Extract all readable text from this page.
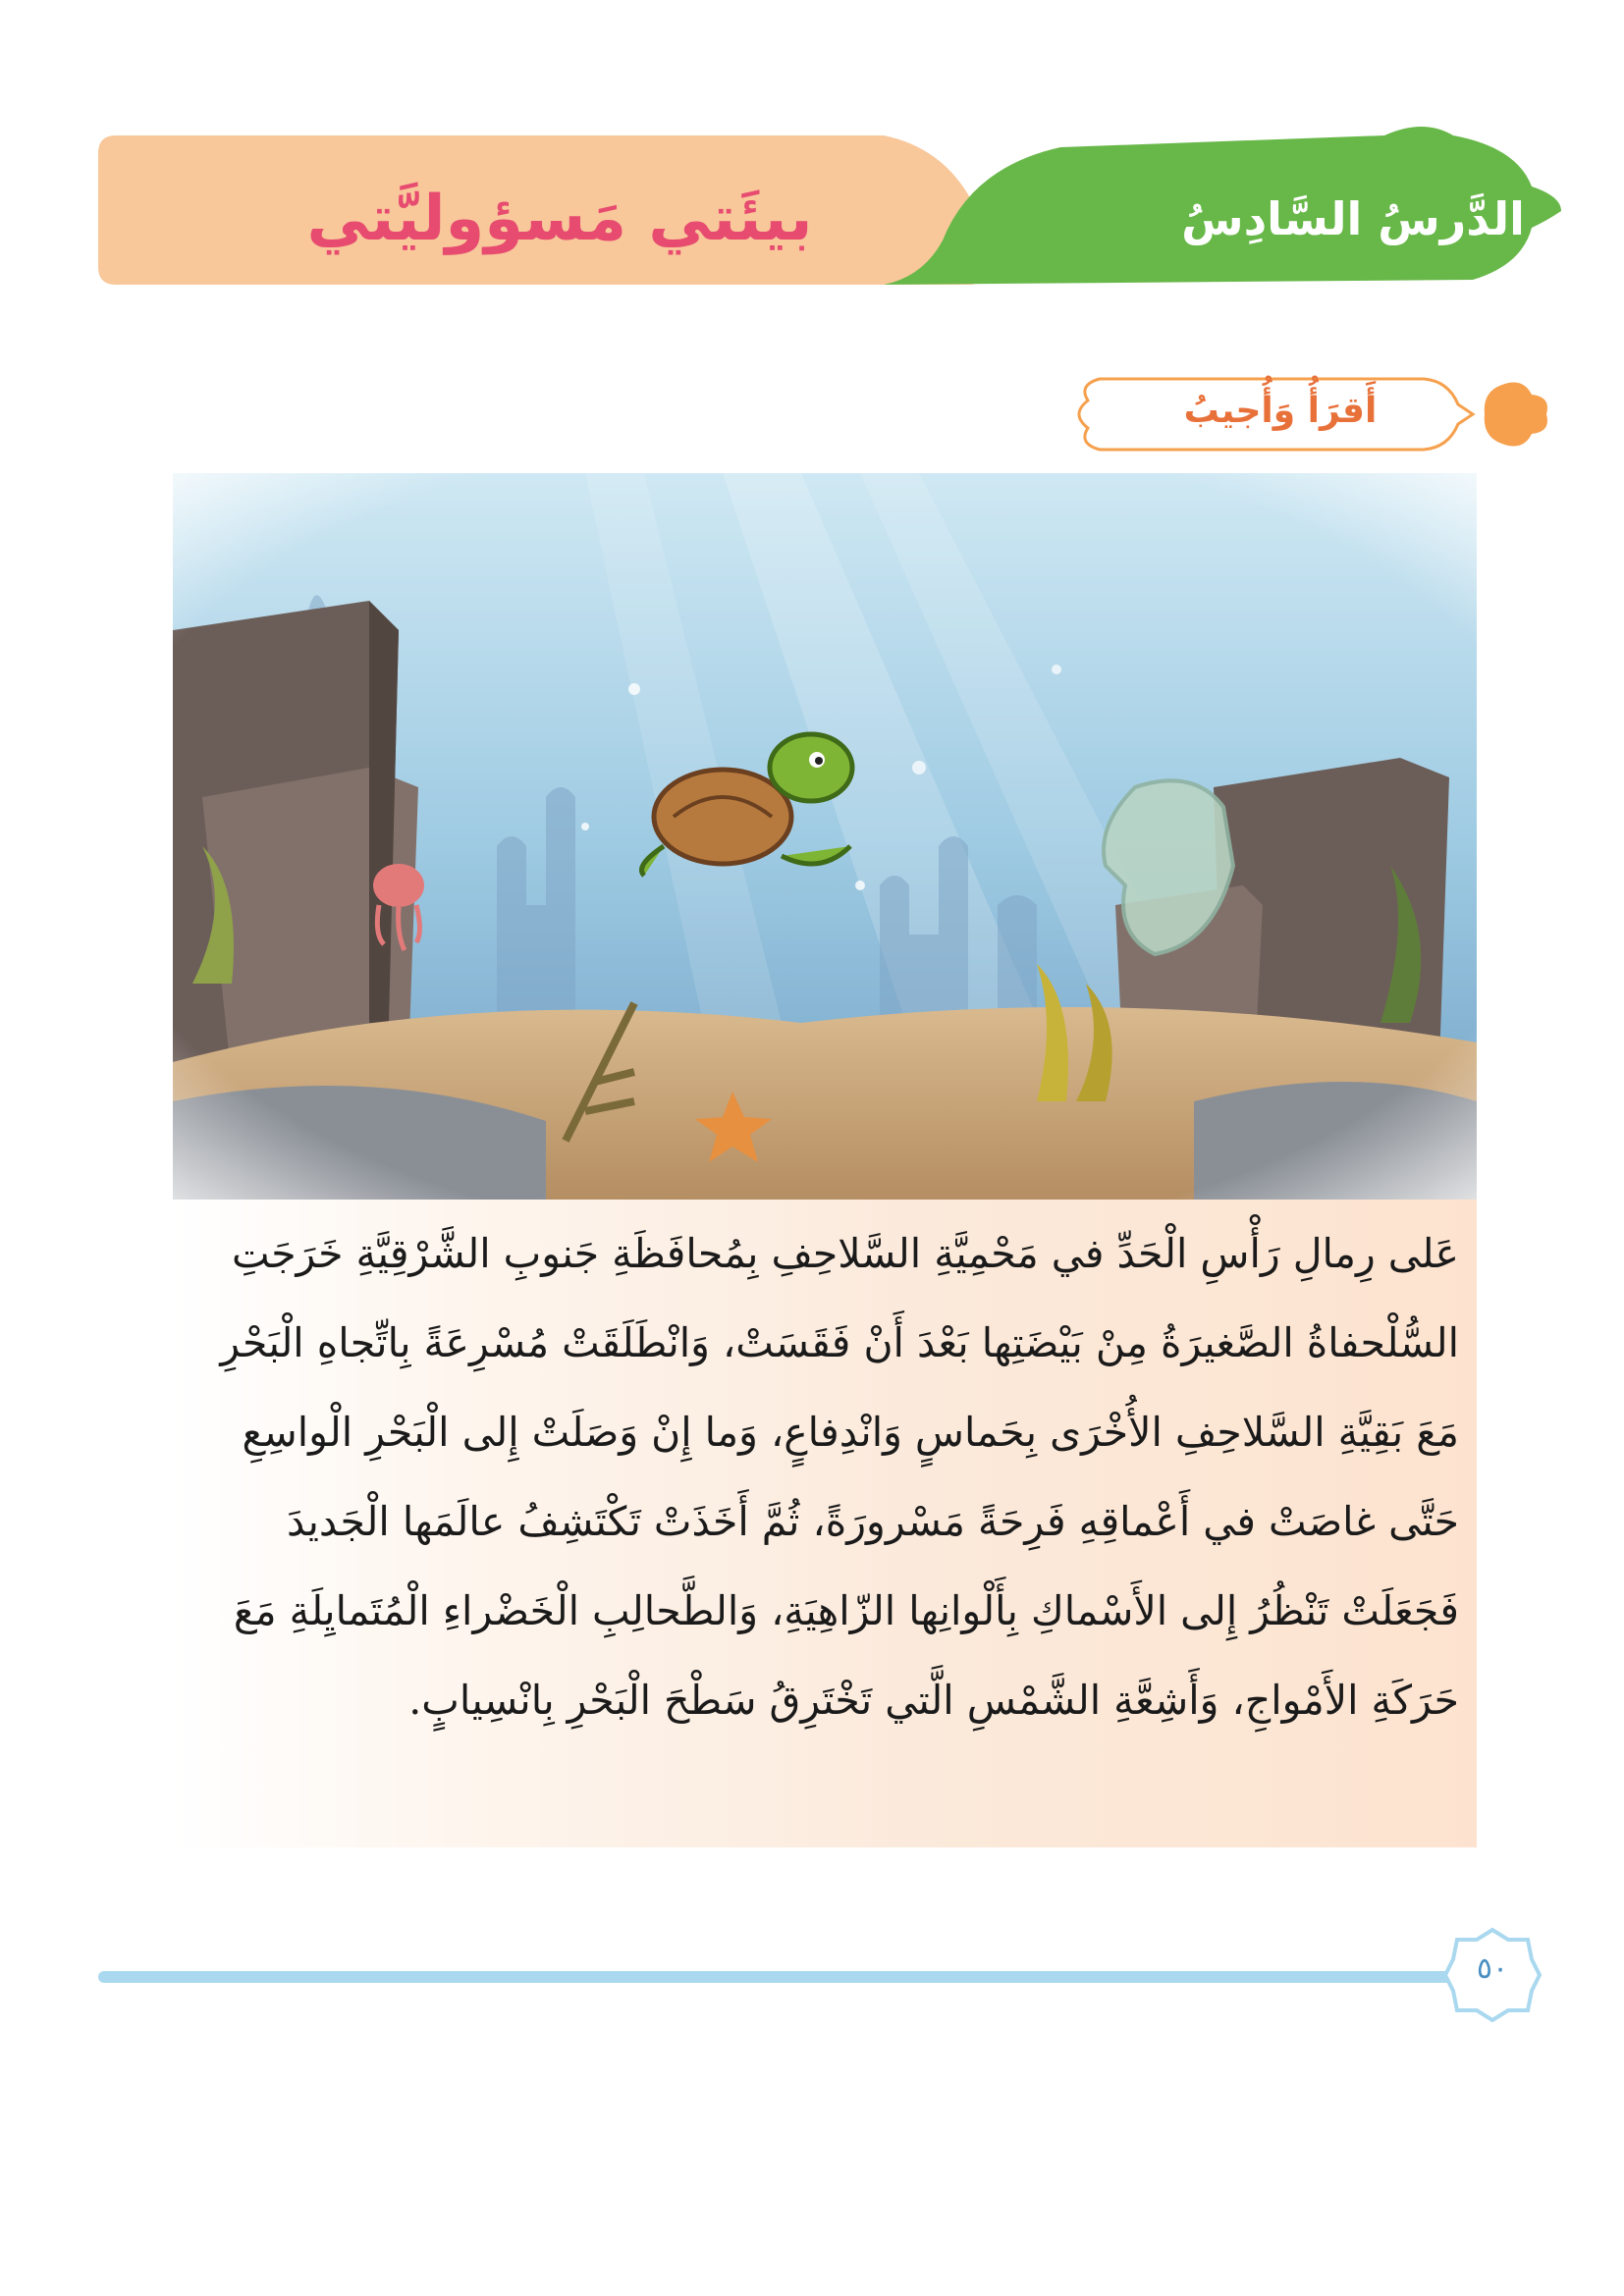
بيئَتي مَسؤوليَّتي	الدَّرسُ السَّادِسُ
أَقرَأُ وَأُجيبُ
عَلى رِمالِ رَأْسِ الْحَدِّ في مَحْمِيَّةِ السَّلاحِفِ بِمُحافَظَةِ جَنوبِ الشَّرْقِيَّةِ خَرَجَتِ
السُّلْحفاةُ الصَّغيرَةُ مِنْ بَيْضَتِها بَعْدَ أَنْ فَقَسَتْ، وَانْطَلَقَتْ مُسْرِعَةً بِاتِّجاهِ الْبَحْرِ
مَعَ بَقِيَّةِ السَّلاحِفِ الأُخْرَى بِحَماسٍ وَانْدِفاعٍ، وَما إِنْ وَصَلَتْ إِلى الْبَحْرِ الْواسِعِ
حَتَّى غاصَتْ في أَعْماقِهِ فَرِحَةً مَسْرورَةً، ثُمَّ أَخَذَتْ تَكْتَشِفُ عالَمَها الْجَديدَ
فَجَعَلَتْ تَنْظُرُ إِلى الأَسْماكِ بِأَلْوانِها الزّاهِيَةِ، وَالطَّحالِبِ الْخَضْراءِ الْمُتَمايِلَةِ مَعَ
حَرَكَةِ الأَمْواجِ، وَأَشِعَّةِ الشَّمْسِ الَّتي تَخْتَرِقُ سَطْحَ الْبَحْرِ بِانْسِيابٍ.
٥٠
